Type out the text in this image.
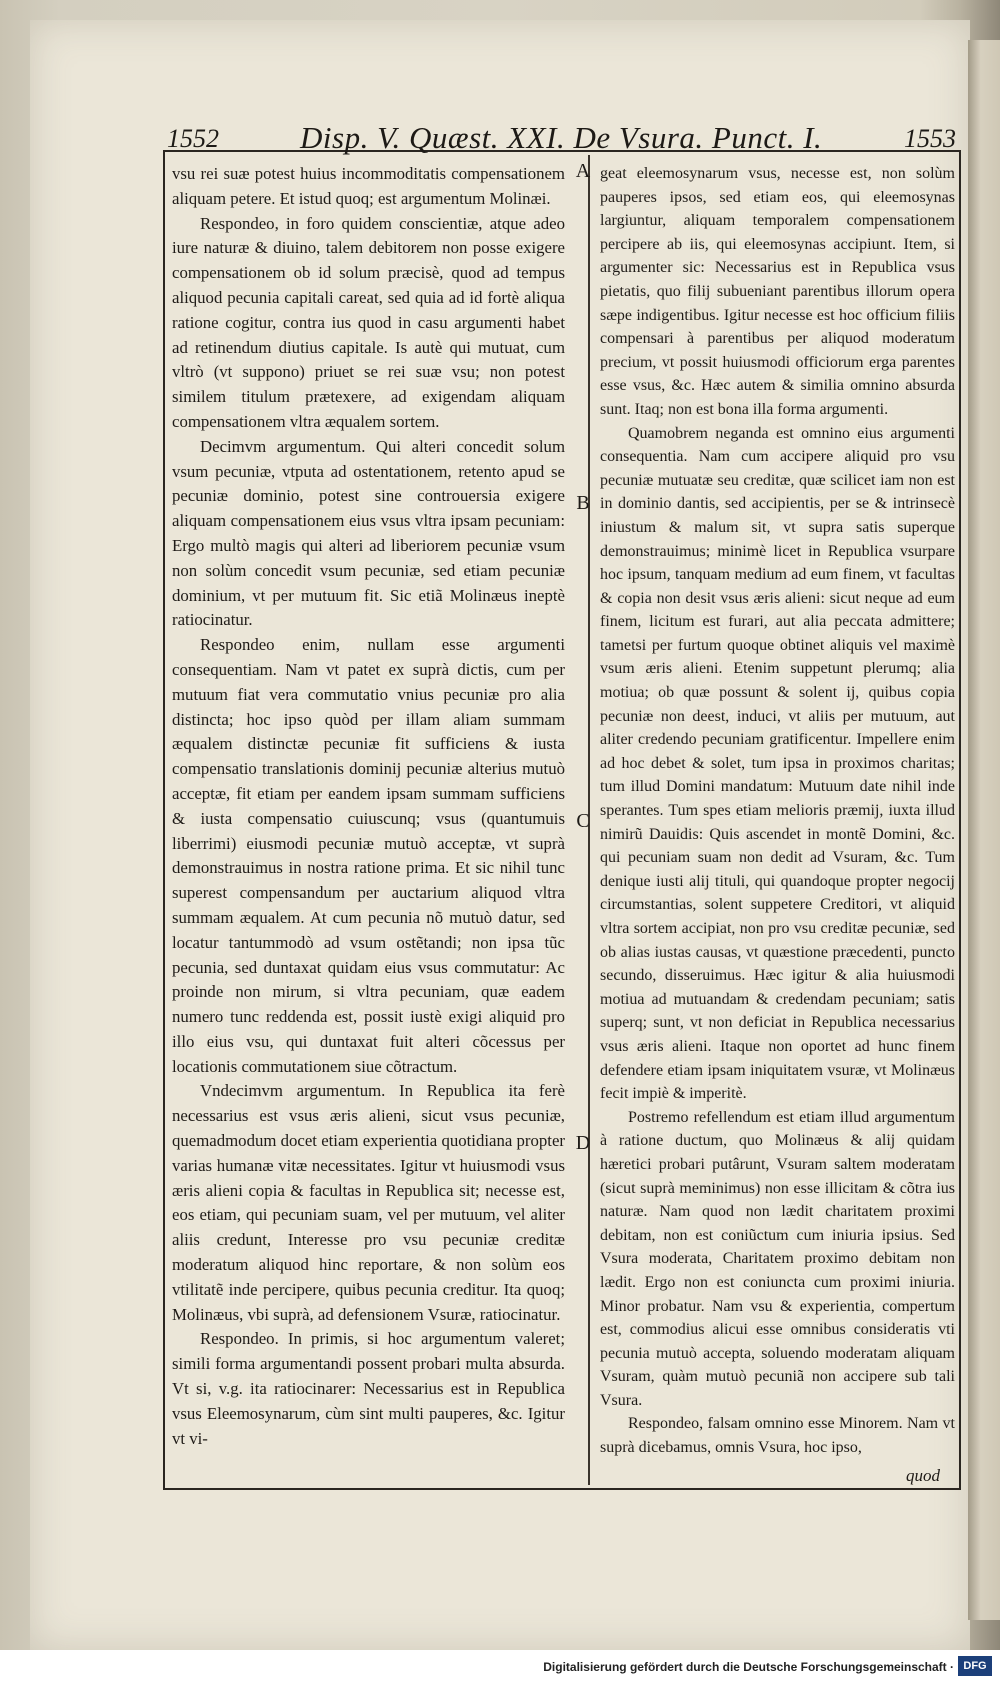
1552	Disp. V. Quæst. XXI. De Vsura. Punct. I.	1553
A
B
C
D

vsu rei suæ potest huius incommoditatis compensationem aliquam petere. Et istud quoq; est argumentum Molinæi.

Respondeo, in foro quidem conscientiæ, atque adeo iure naturæ & diuino, talem debitorem non posse exigere compensationem ob id solum præcisè, quod ad tempus aliquod pecunia capitali careat, sed quia ad id fortè aliqua ratione cogitur, contra ius quod in casu argumenti habet ad retinendum diutius capitale. Is autè qui mutuat, cum vltrò (vt suppono) priuet se rei suæ vsu; non potest similem titulum prætexere, ad exigendam aliquam compensationem vltra æqualem sortem.

Decimvm argumentum. Qui alteri concedit solum vsum pecuniæ, vtputa ad ostentationem, retento apud se pecuniæ dominio, potest sine controuersia exigere aliquam compensationem eius vsus vltra ipsam pecuniam: Ergo multò magis qui alteri ad liberiorem pecuniæ vsum non solùm concedit vsum pecuniæ, sed etiam pecuniæ dominium, vt per mutuum fit. Sic etiã Molinæus ineptè ratiocinatur.

Respondeo enim, nullam esse argumenti consequentiam. Nam vt patet ex suprà dictis, cum per mutuum fiat vera commutatio vnius pecuniæ pro alia distincta; hoc ipso quòd per illam aliam summam æqualem distinctæ pecuniæ fit sufficiens & iusta compensatio translationis dominij pecuniæ alterius mutuò acceptæ, fit etiam per eandem ipsam summam sufficiens & iusta compensatio cuiuscunq; vsus (quantumuis liberrimi) eiusmodi pecuniæ mutuò acceptæ, vt suprà demonstrauimus in nostra ratione prima. Et sic nihil tunc superest compensandum per auctarium aliquod vltra summam æqualem. At cum pecunia nõ mutuò datur, sed locatur tantummodò ad vsum ostẽtandi; non ipsa tũc pecunia, sed duntaxat quidam eius vsus commutatur: Ac proinde non mirum, si vltra pecuniam, quæ eadem numero tunc reddenda est, possit iustè exigi aliquid pro illo eius vsu, qui duntaxat fuit alteri cõcessus per locationis commutationem siue cõtractum.

Vndecimvm argumentum. In Republica ita ferè necessarius est vsus æris alieni, sicut vsus pecuniæ, quemadmodum docet etiam experientia quotidiana propter varias humanæ vitæ necessitates. Igitur vt huiusmodi vsus æris alieni copia & facultas in Republica sit; necesse est, eos etiam, qui pecuniam suam, vel per mutuum, vel aliter aliis credunt, Interesse pro vsu pecuniæ creditæ moderatum aliquod hinc reportare, & non solùm eos vtilitatẽ inde percipere, quibus pecunia creditur. Ita quoq; Molinæus, vbi suprà, ad defensionem Vsuræ, ratiocinatur.

Respondeo. In primis, si hoc argumentum valeret; simili forma argumentandi possent probari multa absurda. Vt si, v.g. ita ratiocinarer: Necessarius est in Republica vsus Eleemosynarum, cùm sint multi pauperes, &c. Igitur vt vi-

geat eleemosynarum vsus, necesse est, non solùm pauperes ipsos, sed etiam eos, qui eleemosynas largiuntur, aliquam temporalem compensationem percipere ab iis, qui eleemosynas accipiunt. Item, si argumenter sic: Necessarius est in Republica vsus pietatis, quo filij subueniant parentibus illorum opera sæpe indigentibus. Igitur necesse est hoc officium filiis compensari à parentibus per aliquod moderatum precium, vt possit huiusmodi officiorum erga parentes esse vsus, &c. Hæc autem & similia omnino absurda sunt. Itaq; non est bona illa forma argumenti.

Quamobrem neganda est omnino eius argumenti consequentia. Nam cum accipere aliquid pro vsu pecuniæ mutuatæ seu creditæ, quæ scilicet iam non est in dominio dantis, sed accipientis, per se & intrinsecè iniustum & malum sit, vt supra satis superque demonstrauimus; minimè licet in Republica vsurpare hoc ipsum, tanquam medium ad eum finem, vt facultas & copia non desit vsus æris alieni: sicut neque ad eum finem, licitum est furari, aut alia peccata admittere; tametsi per furtum quoque obtinet aliquis vel maximè vsum æris alieni. Etenim suppetunt plerumq; alia motiua; ob quæ possunt & solent ij, quibus copia pecuniæ non deest, induci, vt aliis per mutuum, aut aliter credendo pecuniam gratificentur. Impellere enim ad hoc debet & solet, tum ipsa in proximos charitas; tum illud Domini mandatum: Mutuum date nihil inde sperantes. Tum spes etiam melioris præmij, iuxta illud nimirũ Dauidis: Quis ascendet in montẽ Domini, &c. qui pecuniam suam non dedit ad Vsuram, &c. Tum denique iusti alij tituli, qui quandoque propter negocij circumstantias, solent suppetere Creditori, vt aliquid vltra sortem accipiat, non pro vsu creditæ pecuniæ, sed ob alias iustas causas, vt quæstione præcedenti, puncto secundo, disseruimus. Hæc igitur & alia huiusmodi motiua ad mutuandam & credendam pecuniam; satis superq; sunt, vt non deficiat in Republica necessarius vsus æris alieni. Itaque non oportet ad hunc finem defendere etiam ipsam iniquitatem vsuræ, vt Molinæus fecit impiè & imperitè.

Postremo refellendum est etiam illud argumentum à ratione ductum, quo Molinæus & alij quidam hæretici probari putârunt, Vsuram saltem moderatam (sicut suprà meminimus) non esse illicitam & cõtra ius naturæ. Nam quod non lædit charitatem proximi debitam, non est coniũctum cum iniuria ipsius. Sed Vsura moderata, Charitatem proximo debitam non lædit. Ergo non est coniuncta cum proximi iniuria. Minor probatur. Nam vsu & experientia, compertum est, commodius alicui esse omnibus consideratis vti pecunia mutuò accepta, soluendo moderatam aliquam Vsuram, quàm mutuò pecuniã non accipere sub tali Vsura.

Respondeo, falsam omnino esse Minorem. Nam vt suprà dicebamus, omnis Vsura, hoc ipso,

quod
Digitalisierung gefördert durch die Deutsche Forschungsgemeinschaft · DFG
